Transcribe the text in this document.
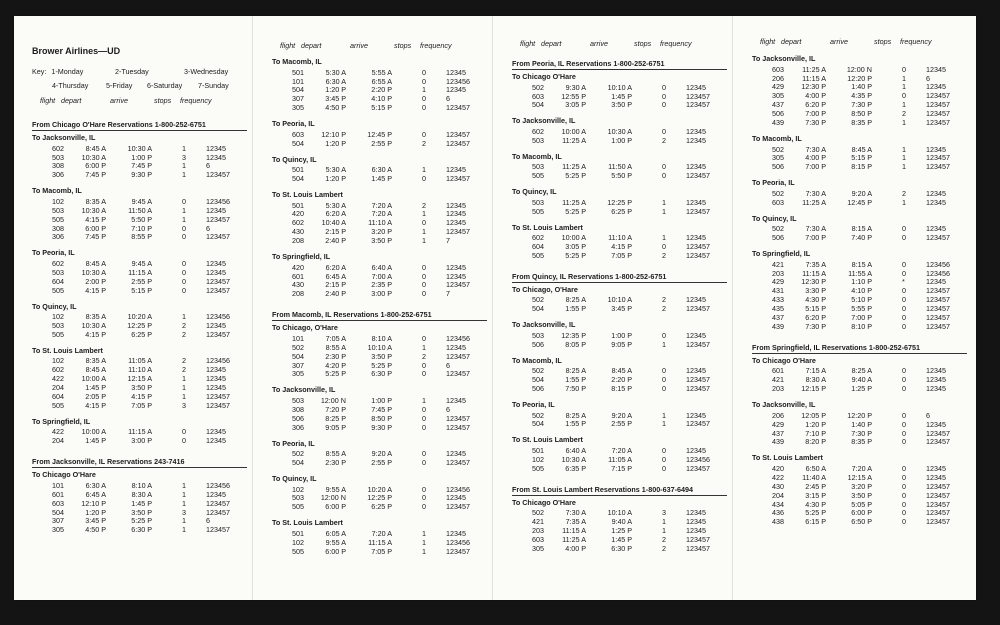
Brower Airlines—UD
Key: 1-Monday	2-Tuesday	3-Wednesday
4-Thursday 5-Friday 6-Saturday 7-Sunday
flight depart	arrive	stops frequency
From Chicago O'Hare Reservations 1-800-252-6751
To Jacksonville, IL
602	8:45 A	10:30 A	1	12345
503	10:30 A	1:00 P	3	12345
308	6:00 P	7:45 P	1	6
306	7:45 P	9:30 P	1	123457
To Macomb, IL
102	8:35 A	9:45 A	0	123456
503	10:30 A	11:50 A	1	12345
505	4:15 P	5:50 P	1	123457
308	6:00 P	7:10 P	0	6
306	7:45 P	8:55 P	0	123457
To Peoria, IL
602	8:45 A	9:45 A	0	12345
503	10:30 A	11:15 A	0	12345
604	2:00 P	2:55 P	0	123457
505	4:15 P	5:15 P	0	123457
To Quincy, IL
102	8:35 A	10:20 A	1	123456
503	10:30 A	12:25 P	2	12345
505	4:15 P	6:25 P	2	123457
To St. Louis Lambert
102	8:35 A	11:05 A	2	123456
602	8:45 A	11:10 A	2	12345
422	10:00 A	12:15 A	1	12345
204	1:45 P	3:50 P	1	12345
604	2:05 P	4:15 P	1	123457
505	4:15 P	7:05 P	3	123457
To Springfield, IL
422	10:00 A	11:15 A	0	12345
204	1:45 P	3:00 P	0	12345
From Jacksonville, IL Reservations 243-7416
To Chicago O'Hare
101	6:30 A	8:10 A	1	123456
601	6:45 A	8:30 A	1	12345
603	12:10 P	1:45 P	1	123457
504	1:20 P	3:50 P	3	123457
307	3:45 P	5:25 P	1	6
305	4:50 P	6:30 P	1	123457
flight depart	arrive	stops frequency
To Macomb, IL
501	5:30 A	5:55 A	0	12345
101	6:30 A	6:55 A	0	123456
504	1:20 P	2:20 P	1	12345
307	3:45 P	4:10 P	0	6
305	4:50 P	5:15 P	0	123457
To Peoria, IL
603	12:10 P	12:45 P	0	123457
504	1:20 P	2:55 P	2	123457
To Quincy, IL
501	5:30 A	6:30 A	1	12345
504	1:20 P	1:45 P	0	123457
To St. Louis Lambert
501	5:30 A	7:20 A	2	12345
420	6:20 A	7:20 A	1	12345
602	10:40 A	11:10 A	0	12345
430	2:15 P	3:20 P	1	123457
208	2:40 P	3:50 P	1	7
To Springfield, IL
420	6:20 A	6:40 A	0	12345
601	6:45 A	7:00 A	0	12345
430	2:15 P	2:35 P	0	123457
208	2:40 P	3:00 P	0	7
From Macomb, IL Reservations 1-800-252-6751
To Chicago, O'Hare
101	7:05 A	8:10 A	0	123456
502	8:55 A	10:10 A	1	12345
504	2:30 P	3:50 P	2	123457
307	4:20 P	5:25 P	0	6
305	5:25 P	6:30 P	0	123457
To Jacksonville, IL
503	12:00 N	1:00 P	1	12345
308	7:20 P	7:45 P	0	6
506	8:25 P	8:50 P	0	123457
306	9:05 P	9:30 P	0	123457
To Peoria, IL
502	8:55 A	9:20 A	0	12345
504	2:30 P	2:55 P	0	123457
To Quincy, IL
102	9:55 A	10:20 A	0	123456
503	12:00 N	12:25 P	0	12345
505	6:00 P	6:25 P	0	123457
To St. Louis Lambert
501	6:05 A	7:20 A	1	12345
102	9:55 A	11:15 A	1	123456
505	6:00 P	7:05 P	1	123457
flight depart	arrive	stops frequency
From Peoria, IL Reservations 1-800-252-6751
To Chicago O'Hare
502	9:30 A	10:10 A	0	12345
603	12:55 P	1:45 P	0	123457
504	3:05 P	3:50 P	0	123457
To Jacksonville, IL
602	10:00 A	10:30 A	0	12345
503	11:25 A	1:00 P	2	12345
To Macomb, IL
503	11:25 A	11:50 A	0	12345
505	5:25 P	5:50 P	0	123457
To Quincy, IL
503	11:25 A	12:25 P	1	12345
505	5:25 P	6:25 P	1	123457
To St. Louis Lambert
602	10:00 A	11:10 A	1	12345
604	3:05 P	4:15 P	0	123457
505	5:25 P	7:05 P	2	123457
From Quincy, IL Reservations 1-800-252-6751
To Chicago, O'Hare
502	8:25 A	10:10 A	2	12345
504	1:55 P	3:45 P	2	123457
To Jacksonville, IL
503	12:35 P	1:00 P	0	12345
506	8:05 P	9:05 P	1	123457
To Macomb, IL
502	8:25 A	8:45 A	0	12345
504	1:55 P	2:20 P	0	123457
506	7:50 P	8:15 P	0	123457
To Peoria, IL
502	8:25 A	9:20 A	1	12345
504	1:55 P	2:55 P	1	123457
To St. Louis Lambert
501	6:40 A	7:20 A	0	12345
102	10:30 A	11:05 A	0	123456
505	6:35 P	7:15 P	0	123457
From St. Louis Lambert Reservations 1-800-637-6494
To Chicago O'Hare
502	7:30 A	10:10 A	3	12345
421	7:35 A	9:40 A	1	12345
203	11:15 A	1:25 P	1	12345
603	11:25 A	1:45 P	2	123457
305	4:00 P	6:30 P	2	123457
flight depart	arrive	stops frequency
To Jacksonville, IL
603	11:25 A	12:00 N	0	12345
206	11:15 A	12:20 P	1	6
429	12:30 P	1:40 P	1	12345
305	4:00 P	4:35 P	0	123457
437	6:20 P	7:30 P	1	123457
506	7:00 P	8:50 P	2	123457
439	7:30 P	8:35 P	1	123457
To Macomb, IL
502	7:30 A	8:45 A	1	12345
305	4:00 P	5:15 P	1	123457
506	7:00 P	8:15 P	1	123457
To Peoria, IL
502	7:30 A	9:20 A	2	12345
603	11:25 A	12:45 P	1	12345
To Quincy, IL
502	7:30 A	8:15 A	0	12345
506	7:00 P	7:40 P	0	123457
To Springfield, IL
421	7:35 A	8:15 A	0	123456
203	11:15 A	11:55 A	0	123456
429	12:30 P	1:10 P	*	12345
431	3:30 P	4:10 P	0	123457
433	4:30 P	5:10 P	0	123457
435	5:15 P	5:55 P	0	123457
437	6:20 P	7:00 P	0	123457
439	7:30 P	8:10 P	0	123457
From Springfield, IL Reservations 1-800-252-6751
To Chicago O'Hare
601	7:15 A	8:25 A	0	12345
421	8:30 A	9:40 A	0	12345
203	12:15 P	1:25 P	0	12345
To Jacksonville, IL
206	12:05 P	12:20 P	0	6
429	1:20 P	1:40 P	0	12345
437	7:10 P	7:30 P	0	123457
439	8:20 P	8:35 P	0	123457
To St. Louis Lambert
420	6:50 A	7:20 A	0	12345
422	11:40 A	12:15 A	0	12345
430	2:45 P	3:20 P	0	123457
204	3:15 P	3:50 P	0	123457
434	4:30 P	5:05 P	0	123457
436	5:25 P	6:00 P	0	123457
438	6:15 P	6:50 P	0	123457
